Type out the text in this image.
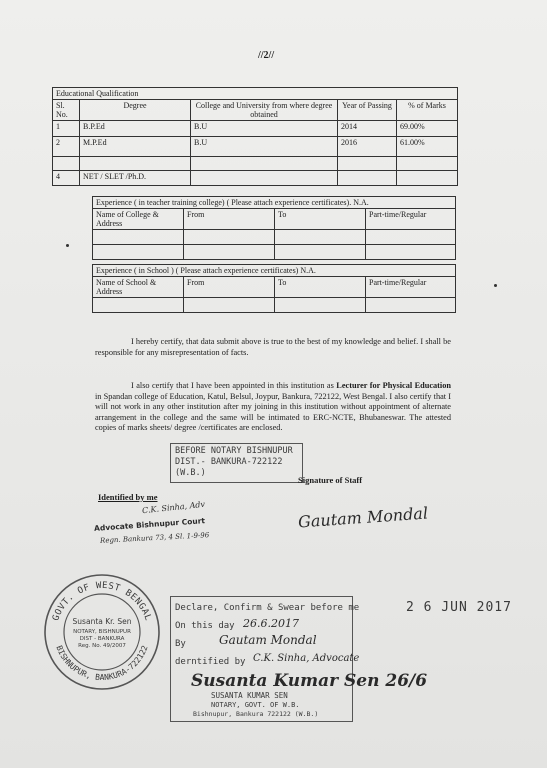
//2//
Educational Qualification				
Sl. No.	Degree	College and University from where degree obtained	Year of Passing	% of Marks
1	B.P.Ed	B.U	2014	69.00%
2	M.P.Ed	B.U	2016	61.00%

4	NET / SLET /Ph.D.			
Experience ( in teacher training college) ( Please attach experience certificates). N.A.			
Name of College & Address	From	To	Part-time/Regular

Experience ( in School ) ( Please attach experience certificates) N.A.			
Name of School & Address	From	To	Part-time/Regular

I hereby certify, that data submit above is true to the best of my knowledge and belief. I shall be responsible for any misrepresentation of facts.
I also certify that I have been appointed in this institution as Lecturer for Physical Education in Spandan college of Education, Katul, Belsul, Joypur, Bankura, 722122, West Bengal. I also certify that I will not work in any other institution after my joining in this institution without appointment of alternate arrangement in the college and the same will be intimated to ERC-NCTE, Bhubaneswar. The attested copies of marks sheets/ degree /certificates are enclosed.
BEFORE NOTARY BISHNUPUR
DIST.- BANKURA-722122 (W.B.)
Signature of Staff
Identified by me
C.K. Sinha, Adv
Advocate Bishnupur Court
Regn. Bankura 73, 4 Sl. 1-9-96
Gautam Mondal
GOVT. OF WEST BENGAL
BISHNUPUR, BANKURA-722122
Susanta Kr. Sen
NOTARY, BISHNUPUR
DIST - BANKURA
Reg. No. 49/2007
2 6 JUN 2017
Declare, Confirm & Swear before me
On this day 26.6.2017
By	Gautam Mondal
derntified by C.K. Sinha, Advocate
Susanta Kumar Sen 26/6
SUSANTA KUMAR SEN
NOTARY, GOVT. OF W.B.
Bishnupur, Bankura 722122 (W.B.)
